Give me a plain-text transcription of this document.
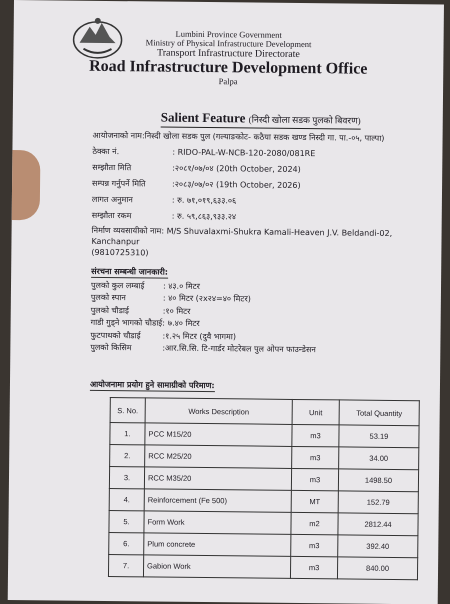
Lumbini Province Government
Ministry of Physical Infrastructure Development
Transport Infrastructure Directorate
Road Infrastructure Development Office
Palpa
Salient Feature (निस्दी खोला सडक पुलको बिवरण)
आयोजनाको नाम: निस्दी खोला सडक पुल (गल्याङकोट- कठैया सडक खण्ड निस्दी गा. पा.-०५, पाल्पा)
ठेक्का नं.	: RIDO-PAL-W-NCB-120-2080/081RE
सम्झौता मिति	:२०८१/०७/०४ (20th October, 2024)
सम्पन्न गर्नुपर्ने मिति	:२०८३/०७/०२ (19th October, 2026)
लागत अनुमान	: रु. ७१,०१९,६३३.०६
सम्झौता रकम	: रु. ५९,८६३,९३३.२४
निर्माण व्यवसायीको नाम: M/S Shuvalaxmi-Shukra Kamali-Heaven J.V. Beldandi-02, Kanchanpur
(9810725310)
संरचना सम्बन्धी जानकारी:
पुलको कुल लम्बाई	: ४३.० मिटर
पुलको स्पान	: ४० मिटर (२x२४=४० मिटर)
पुलको चौडाई	:१० मिटर
गाडी गुड्ने भागको चौडाई: ७.४० मिटर
फुटपाथको चौडाई	:१.२५ मिटर (दुवै भागमा)
पुलको किसिम	:आर.सि.सि. टि-गार्डर मोटरेबल पुल ओपन फाउन्डेसन
आयोजनामा प्रयोग हुने सामाग्रीको परिमाण:
S. No.	Works Description	Unit	Total Quantity
1.	PCC M15/20	m3	53.19
2.	RCC M25/20	m3	34.00
3.	RCC M35/20	m3	1498.50
4.	Reinforcement (Fe 500)	MT	152.79
5.	Form Work	m2	2812.44
6.	Plum concrete	m3	392.40
7.	Gabion Work	m3	840.00
